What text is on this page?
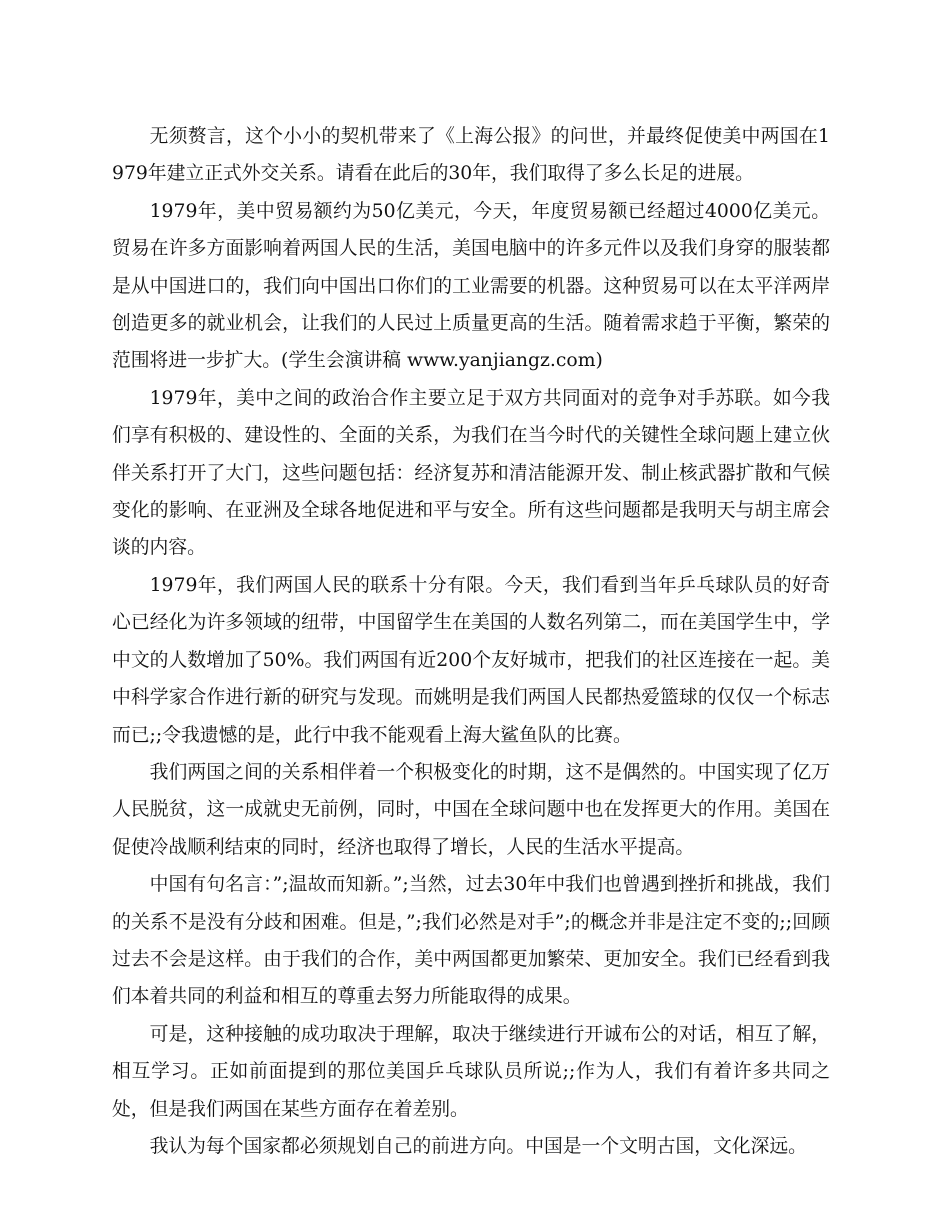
无须赘言，这个小小的契机带来了《上海公报》的问世，并最终促使美中两国在1979年建立正式外交关系。请看在此后的30年，我们取得了多么长足的进展。

1979年，美中贸易额约为50亿美元，今天，年度贸易额已经超过4000亿美元。贸易在许多方面影响着两国人民的生活，美国电脑中的许多元件以及我们身穿的服装都是从中国进口的，我们向中国出口你们的工业需要的机器。这种贸易可以在太平洋两岸创造更多的就业机会，让我们的人民过上质量更高的生活。随着需求趋于平衡，繁荣的范围将进一步扩大。(学生会演讲稿 www.yanjiangz.com)

1979年，美中之间的政治合作主要立足于双方共同面对的竞争对手苏联。如今我们享有积极的、建设性的、全面的关系，为我们在当今时代的关键性全球问题上建立伙伴关系打开了大门，这些问题包括：经济复苏和清洁能源开发、制止核武器扩散和气候变化的影响、在亚洲及全球各地促进和平与安全。所有这些问题都是我明天与胡主席会谈的内容。

1979年，我们两国人民的联系十分有限。今天，我们看到当年乒乓球队员的好奇心已经化为许多领域的纽带，中国留学生在美国的人数名列第二，而在美国学生中，学中文的人数增加了50%。我们两国有近200个友好城市，把我们的社区连接在一起。美中科学家合作进行新的研究与发现。而姚明是我们两国人民都热爱篮球的仅仅一个标志而已;;令我遗憾的是，此行中我不能观看上海大鲨鱼队的比赛。

我们两国之间的关系相伴着一个积极变化的时期，这不是偶然的。中国实现了亿万人民脱贫，这一成就史无前例，同时，中国在全球问题中也在发挥更大的作用。美国在促使冷战顺利结束的同时，经济也取得了增长，人民的生活水平提高。

中国有句名言：”;温故而知新。”;当然，过去30年中我们也曾遇到挫折和挑战，我们的关系不是没有分歧和困难。但是，”;我们必然是对手”;的概念并非是注定不变的;;回顾过去不会是这样。由于我们的合作，美中两国都更加繁荣、更加安全。我们已经看到我们本着共同的利益和相互的尊重去努力所能取得的成果。

可是，这种接触的成功取决于理解，取决于继续进行开诚布公的对话，相互了解，相互学习。正如前面提到的那位美国乒乓球队员所说;;作为人，我们有着许多共同之处，但是我们两国在某些方面存在着差别。

我认为每个国家都必须规划自己的前进方向。中国是一个文明古国，文化深远。
